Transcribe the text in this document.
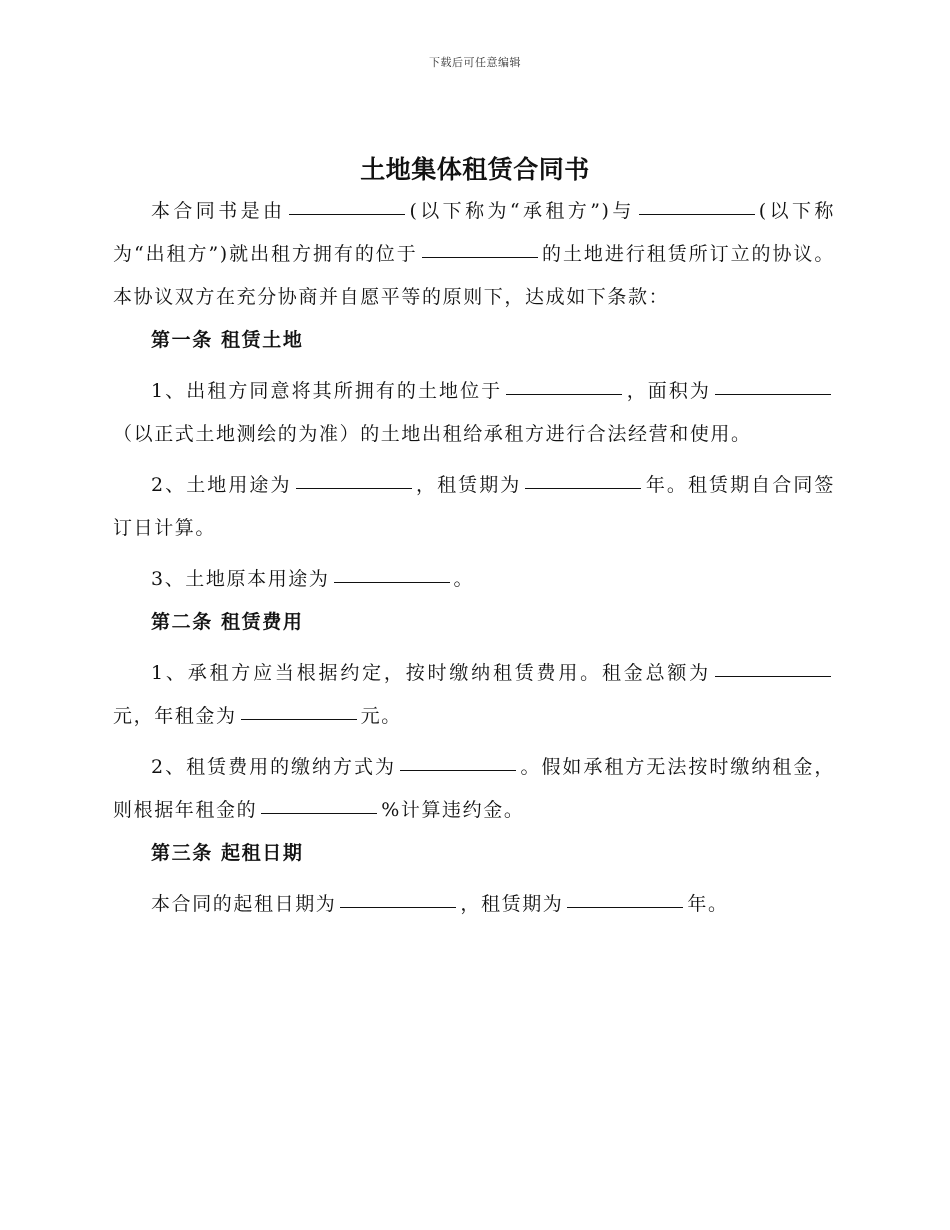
下载后可任意编辑
土地集体租赁合同书

本合同书是由	(以下称为“承租方”)与	(以下称为“出租方”)就出租方拥有的位于	的土地进行租赁所订立的协议。本协议双方在充分协商并自愿平等的原则下，达成如下条款：

第一条 租赁土地

1、出租方同意将其所拥有的土地位于	，面积为（以正式土地测绘的为准）的土地出租给承租方进行合法经营和使用。

2、土地用途为	，租赁期为	年。租赁期自合同签订日计算。

3、土地原本用途为	。

第二条 租赁费用

1、承租方应当根据约定，按时缴纳租赁费用。租金总额为元，年租金为	元。

2、租赁费用的缴纳方式为	。假如承租方无法按时缴纳租金，则根据年租金的	%计算违约金。

第三条 起租日期

本合同的起租日期为	，租赁期为	年。
